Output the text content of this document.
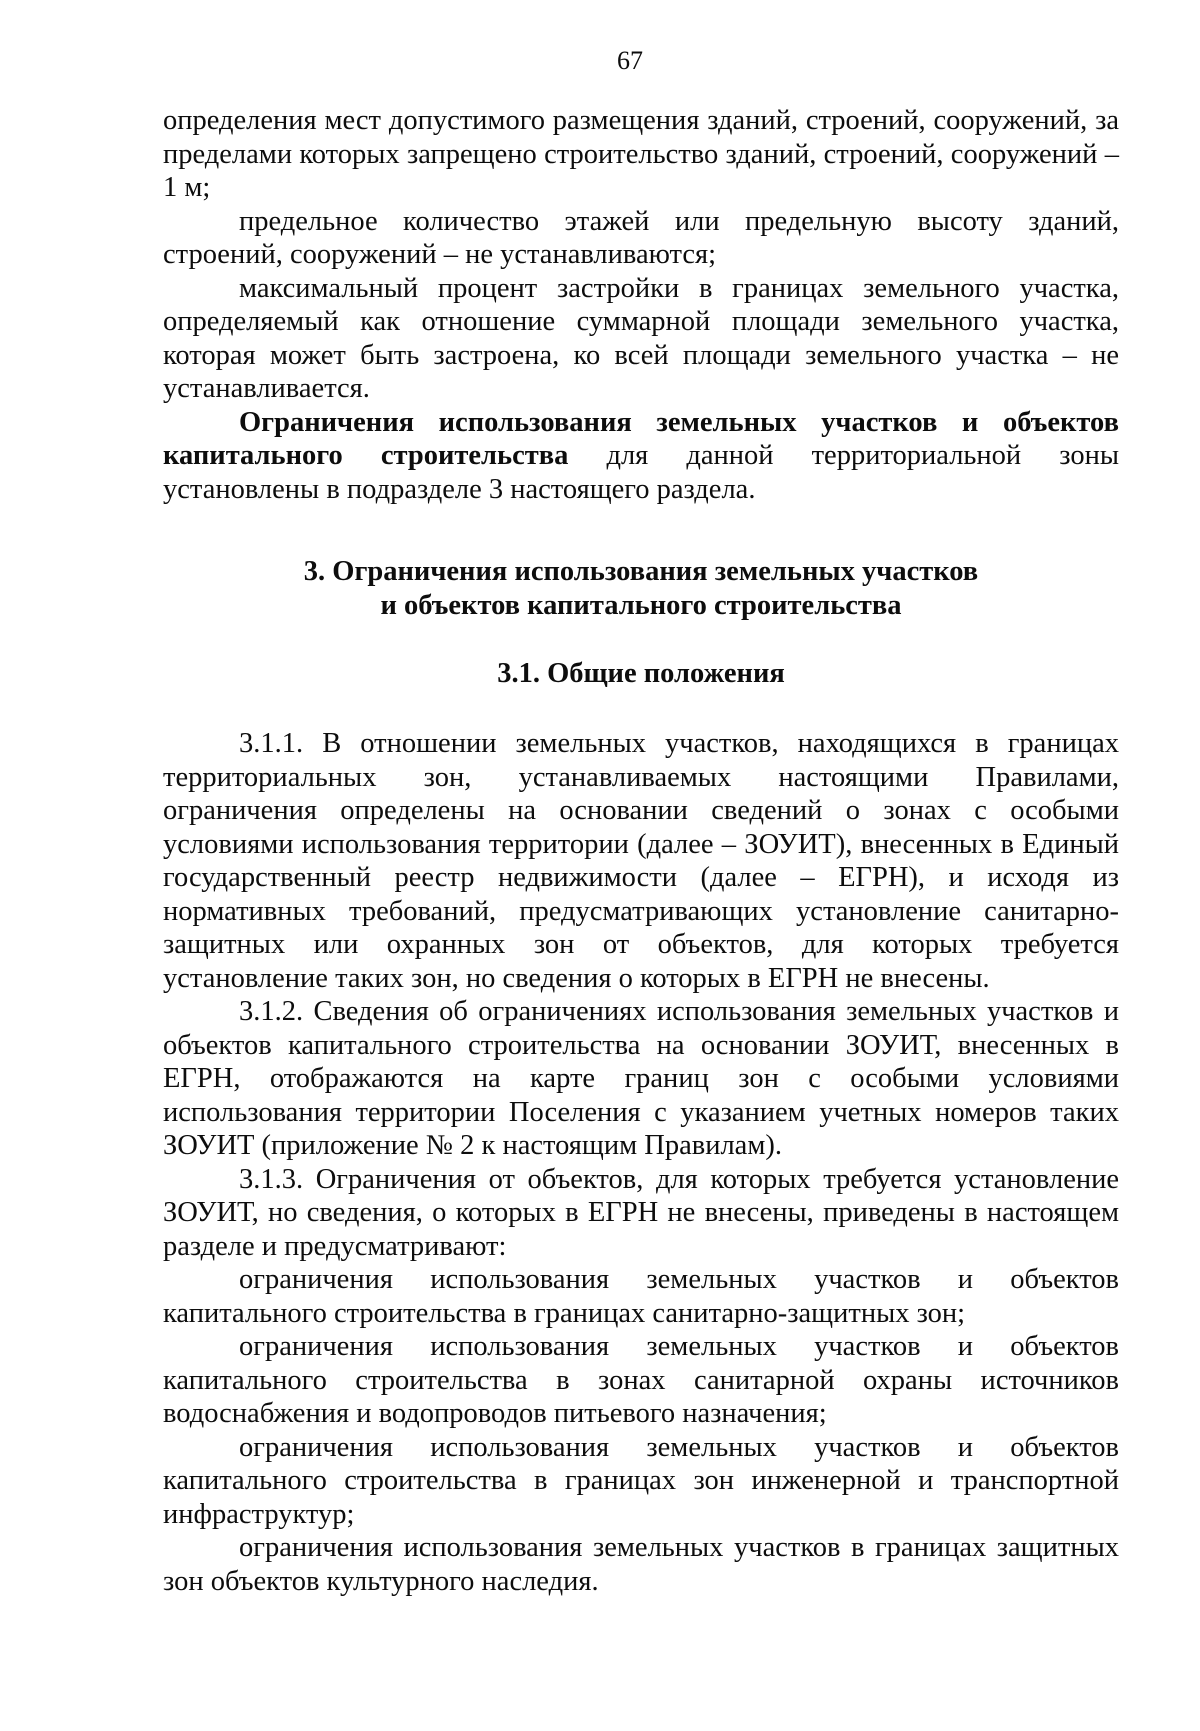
67

определения мест допустимого размещения зданий, строений, сооружений, за пределами которых запрещено строительство зданий, строений, сооружений – 1 м;

предельное количество этажей или предельную высоту зданий, строений, сооружений – не устанавливаются;

максимальный процент застройки в границах земельного участка, определяемый как отношение суммарной площади земельного участка, которая может быть застроена, ко всей площади земельного участка – не устанавливается.

Ограничения использования земельных участков и объектов капитального строительства для данной территориальной зоны установлены в подразделе 3 настоящего раздела.

3. Ограничения использования земельных участков

и объектов капитального строительства

3.1. Общие положения

3.1.1. В отношении земельных участков, находящихся в границах территориальных зон, устанавливаемых настоящими Правилами, ограничения определены на основании сведений о зонах с особыми условиями использования территории (далее – ЗОУИТ), внесенных в Единый государственный реестр недвижимости (далее – ЕГРН), и исходя из нормативных требований, предусматривающих установление санитарно-защитных или охранных зон от объектов, для которых требуется установление таких зон, но сведения о которых в ЕГРН не внесены.

3.1.2. Сведения об ограничениях использования земельных участков и объектов капитального строительства на основании ЗОУИТ, внесенных в ЕГРН, отображаются на карте границ зон с особыми условиями использования территории Поселения с указанием учетных номеров таких ЗОУИТ (приложение № 2 к настоящим Правилам).

3.1.3. Ограничения от объектов, для которых требуется установление ЗОУИТ, но сведения, о которых в ЕГРН не внесены, приведены в настоящем разделе и предусматривают:

ограничения использования земельных участков и объектов капитального строительства в границах санитарно-защитных зон;

ограничения использования земельных участков и объектов капитального строительства в зонах санитарной охраны источников водоснабжения и водопроводов питьевого назначения;

ограничения использования земельных участков и объектов капитального строительства в границах зон инженерной и транспортной инфраструктур;

ограничения использования земельных участков в границах защитных зон объектов культурного наследия.
